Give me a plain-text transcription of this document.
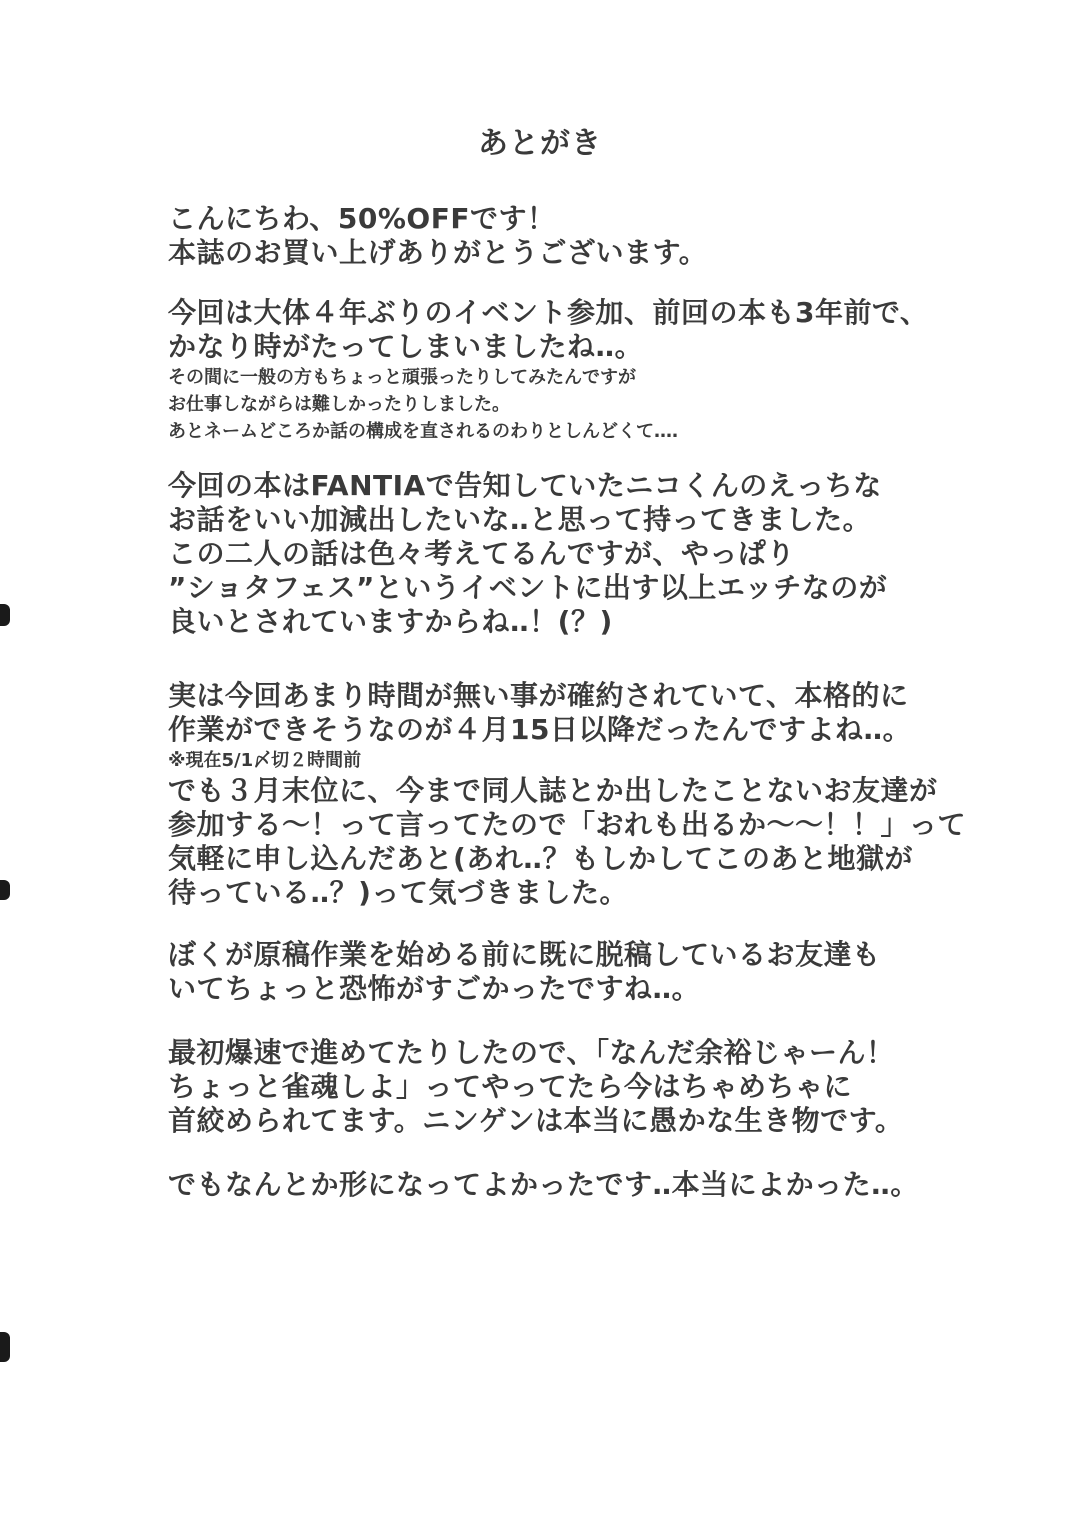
あとがき
こんにちわ、50%OFFです！
本誌のお買い上げありがとうございます。
今回は大体４年ぶりのイベント参加、前回の本も3年前で、
かなり時がたってしまいましたね‥。
その間に一般の方もちょっと頑張ったりしてみたんですが
お仕事しながらは難しかったりしました。
あとネームどころか話の構成を直されるのわりとしんどくて‥‥
今回の本はFANTIAで告知していたニコくんのえっちな
お話をいい加減出したいな‥と思って持ってきました。
この二人の話は色々考えてるんですが、やっぱり
”ショタフェス”というイベントに出す以上エッチなのが
良いとされていますからね‥！(？)
実は今回あまり時間が無い事が確約されていて、本格的に
作業ができそうなのが４月15日以降だったんですよね‥。
※現在5/1〆切２時間前
でも３月末位に、今まで同人誌とか出したことないお友達が
参加する～！って言ってたので「おれも出るか～～！！」って
気軽に申し込んだあと(あれ‥？もしかしてこのあと地獄が
待っている‥？)って気づきました。
ぼくが原稿作業を始める前に既に脱稿しているお友達も
いてちょっと恐怖がすごかったですね‥。
最初爆速で進めてたりしたので、「なんだ余裕じゃーん！
ちょっと雀魂しよ」ってやってたら今はちゃめちゃに
首絞められてます。ニンゲンは本当に愚かな生き物です。
でもなんとか形になってよかったです‥本当によかった‥。
